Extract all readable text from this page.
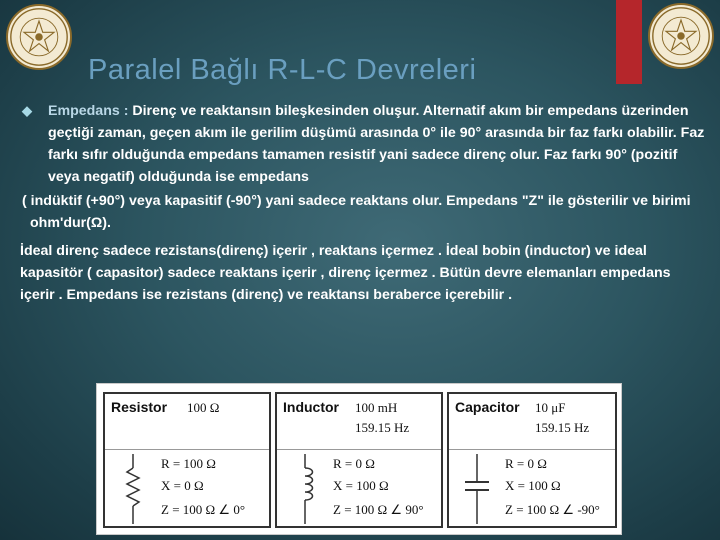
Paralel Bağlı R-L-C Devreleri
◆ Empedans : Direnç ve reaktansın bileşkesinden oluşur. Alternatif akım bir empedans üzerinden geçtiği zaman, geçen akım ile gerilim düşümü arasında 0° ile 90° arasında bir faz farkı olabilir. Faz farkı sıfır olduğunda empedans tamamen resistif yani sadece direnç olur. Faz farkı 90° (pozitif veya negatif) olduğunda ise empedans
( indüktif (+90°) veya kapasitif (-90°) yani sadece reaktans olur. Empedans "Z" ile gösterilir ve birimi ohm'dur(Ω).
İdeal direnç sadece rezistans(direnç) içerir , reaktans içermez . İdeal bobin (inductor) ve ideal kapasitör ( capasitor) sadece reaktans içerir , direnç içermez . Bütün devre elemanları empedans içerir . Empedans ise rezistans (direnç) ve reaktansı beraberce içerebilir .
Resistor 100 Ω
R = 100 Ω
X = 0 Ω
Z = 100 Ω ∠ 0°
Inductor 100 mH
159.15 Hz
R = 0 Ω
X = 100 Ω
Z = 100 Ω ∠ 90°
Capacitor 10 μF
159.15 Hz
R = 0 Ω
X = 100 Ω
Z = 100 Ω ∠ -90°
